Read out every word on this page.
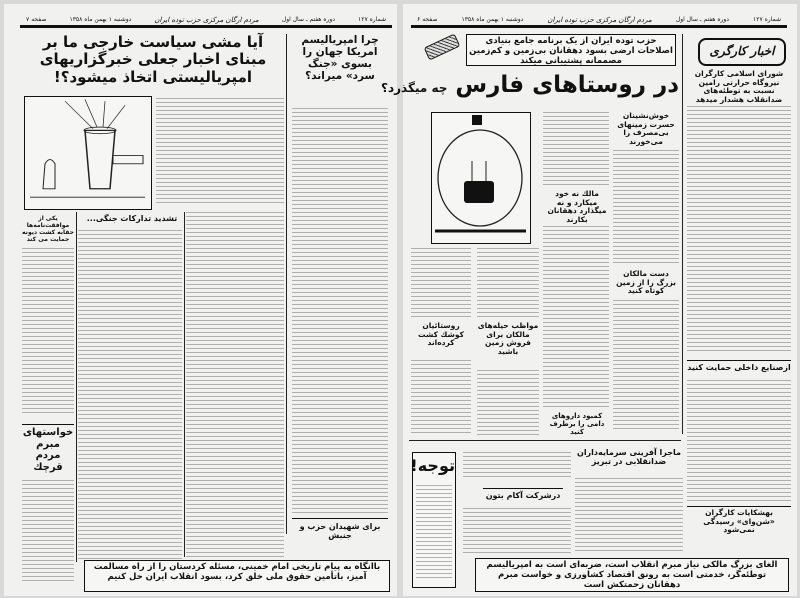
شماره ۱۲۷
دوره هفتم ـ سال اول
مردم ارگان مرکزی حزب توده ایران
دوشنبه ۱ بهمن ماه ۱۳۵۸
صفحه ۷
آیا مشی سیاست خارجی ما بر مبنای اخبار جعلی خبرگزاریهای امپریالیستی اتخاذ میشود؟!
چرا امپریالیسم امریکا جهان را بسوی «جنگ سرد» میراند؟
تشدید تدارکات جنگی...
یکی از موافقت‌نامه‌ها حقابه کشت دیونه حمایت می کند
خواستهای مبرم مردم قرچك
برای شهیدان حزب و جنبش
باانگاه به پیام تاریخی امام خمینی، مسئله کردستان را از راه مسالمت آمیز، باتأمین حقوق ملی خلق کرد، بسود انقلاب ایران حل کنیم
شماره ۱۲۷
دوره هفتم ـ سال اول
مردم ارگان مرکزی حزب توده ایران
دوشنبه ۱ بهمن ماه ۱۳۵۸
صفحه ۶
حزب توده ایران از یک برنامه جامع بنیادی اصلاحات ارضی بسود دهقانان بی‌زمین و کم‌زمین مصممانه پشتیبانی میکند
در روستاهای فارس چه میگذرد؟
اخبار کارگری
شورای اسلامی کارگران نیروگاه حرارتی رامین نسبت به توطئه‌های ضدانقلاب هشدار میدهد
مالك نه خود میكارد و نه میگذارد دهقانان بكارند
خوش‌نشینان حسرت زمینهای بی‌مصرف را می‌خورند
دست مالکان بزرگ را از زمین کوتاه کنید
روستائیان کوشك کشت کرده‌اند
مواظب حیله‌های مالکان برای فروش زمین باشید
کمبود داروهای دامی را برطرف کنید
ازصنایع داخلی حمایت کنید
توجه!
درشرکت آکام بتون
ماجرا آفرینی سرمایه‌داران ضدانقلابی در تبریز
بهشکایات کارگران «شن‌وای» رسیدگی نمی‌شود
الغای بزرگ مالکی نیاز مبرم انقلاب است، ضربه‌ای است به امپریالیسم توطئه‌گر، خدمتی است به رونق اقتصاد کشاورزی و خواست مبرم دهقانان زحمتکش است
